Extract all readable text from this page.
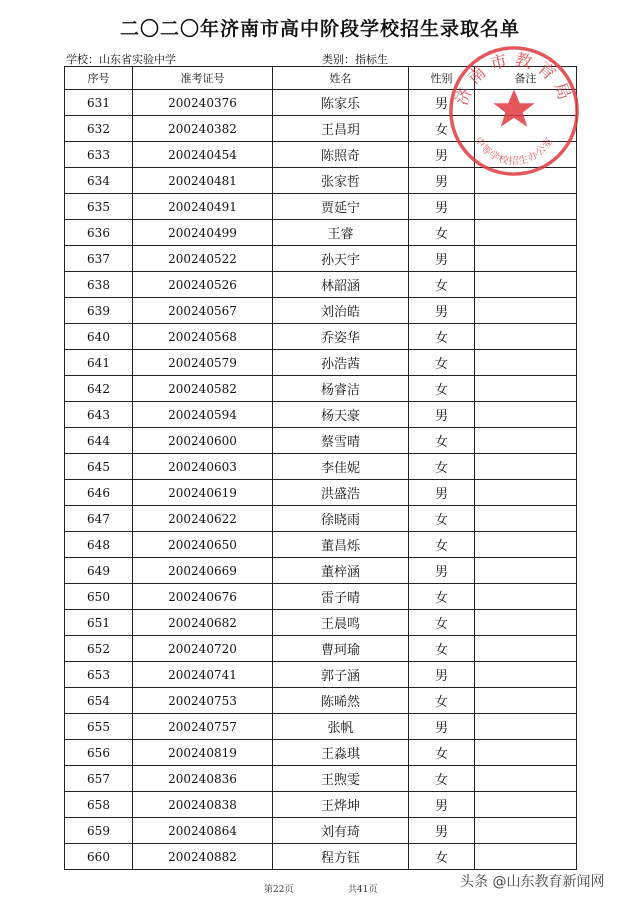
二〇二〇年济南市高中阶段学校招生录取名单
学校：山东省实验中学	类别：指标生
序号	准考证号	姓名	性别	备注
631	200240376	陈家乐	男	
632	200240382	王昌玥	女	
633	200240454	陈照奇	男	
634	200240481	张家哲	男	
635	200240491	贾延宁	男	
636	200240499	王睿	女	
637	200240522	孙天宇	男	
638	200240526	林韶涵	女	
639	200240567	刘治皓	男	
640	200240568	乔姿华	女	
641	200240579	孙浩茜	女	
642	200240582	杨睿洁	女	
643	200240594	杨天豪	男	
644	200240600	蔡雪晴	女	
645	200240603	李佳妮	女	
646	200240619	洪盛浩	男	
647	200240622	徐晓雨	女	
648	200240650	董昌烁	女	
649	200240669	董梓涵	男	
650	200240676	雷子晴	女	
651	200240682	王晨鸣	女	
652	200240720	曹珂瑜	女	
653	200240741	郭子涵	男	
654	200240753	陈晞然	女	
655	200240757	张帆	男	
656	200240819	王淼琪	女	
657	200240836	王煦雯	女	
658	200240838	王烨坤	男	
659	200240864	刘有琦	男	
660	200240882	程方钰	女	
济南市教育局
中等学校招生办公室
第22页	共41页	头条 @山东教育新闻网
